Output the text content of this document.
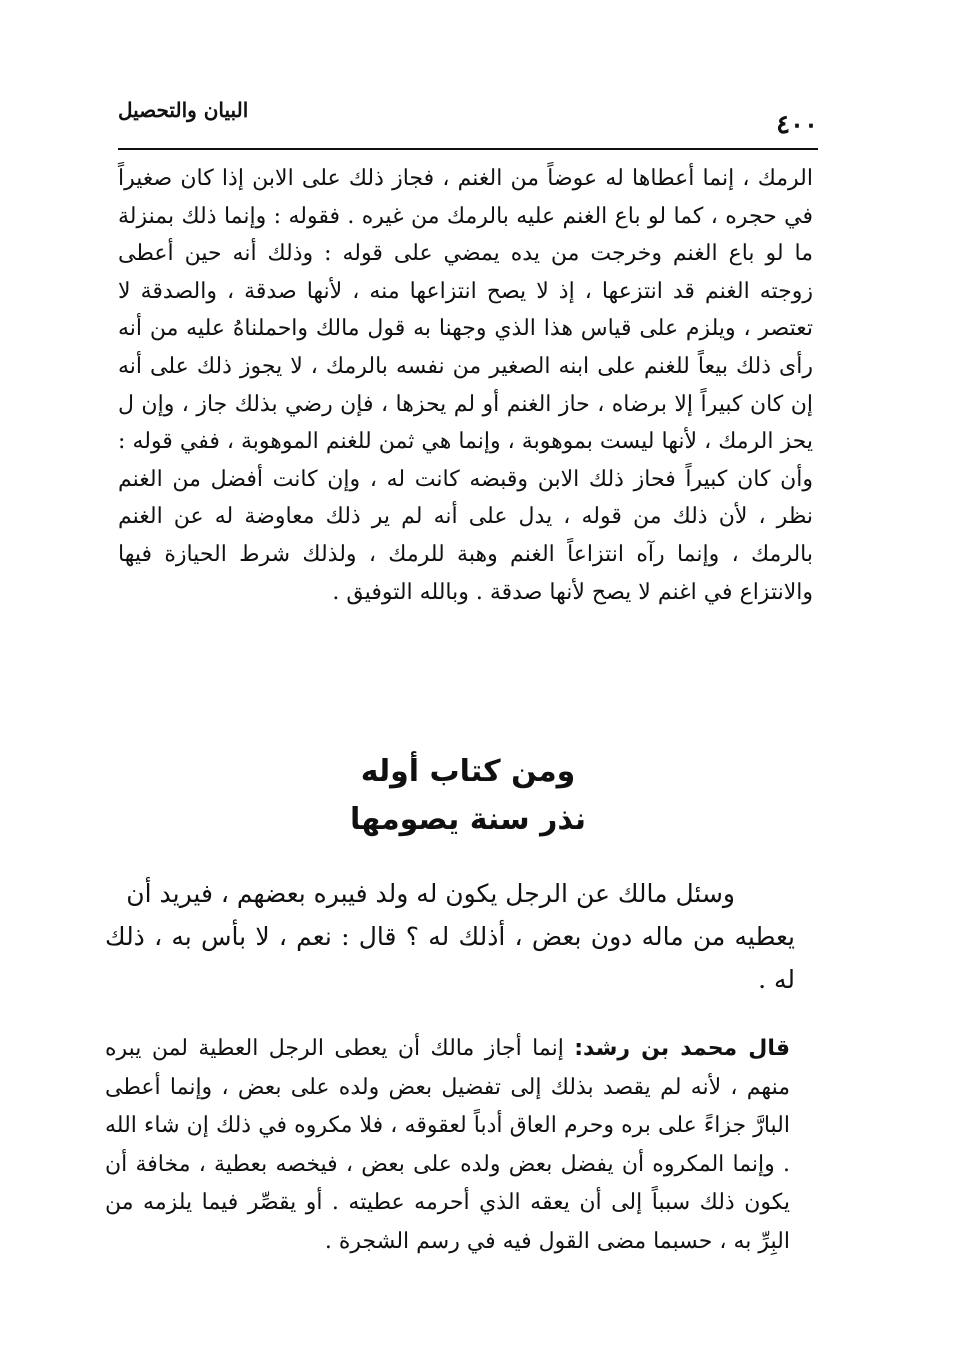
البيان والتحصيل	٤٠٠

الرمك ، إنما أعطاها له عوضاً من الغنم ، فجاز ذلك على الابن إذا كان صغيراً في حجره ، كما لو باع الغنم عليه بالرمك من غيره . فقوله : وإنما ذلك بمنزلة ما لو باع الغنم وخرجت من يده يمضي على قوله : وذلك أنه حين أعطى زوجته الغنم قد انتزعها ، إذ لا يصح انتزاعها منه ، لأنها صدقة ، والصدقة لا تعتصر ، ويلزم على قياس هذا الذي وجهنا به قول مالك واحملناهُ عليه من أنه رأى ذلك بيعاً للغنم على ابنه الصغير من نفسه بالرمك ، لا يجوز ذلك على أنه إن كان كبيراً إلا برضاه ، حاز الغنم أو لم يحزها ، فإن رضي بذلك جاز ، وإن ل يحز الرمك ، لأنها ليست بموهوبة ، وإنما هي ثمن للغنم الموهوبة ، ففي قوله : وأن كان كبيراً فحاز ذلك الابن وقبضه كانت له ، وإن كانت أفضل من الغنم نظر ، لأن ذلك من قوله ، يدل على أنه لم ير ذلك معاوضة له عن الغنم بالرمك ، وإنما رآه انتزاعاً الغنم وهبة للرمك ، ولذلك شرط الحيازة فيها والانتزاع في اغنم لا يصح لأنها صدقة . وبالله التوفيق .

ومن كتاب أوله
نذر سنة يصومها
وسئل مالك عن الرجل يكون له ولد فيبره بعضهم ، فيريد أن
يعطيه من ماله دون بعض ، أذلك له ؟ قال : نعم ، لا بأس به ، ذلك له .
قال محمد بن رشد: إنما أجاز مالك أن يعطى الرجل العطية لمن يبره منهم ، لأنه لم يقصد بذلك إلى تفضيل بعض ولده على بعض ، وإنما أعطى البارَّ جزاءً على بره وحرم العاق أدباً لعقوقه ، فلا مكروه في ذلك إن شاء الله . وإنما المكروه أن يفضل بعض ولده على بعض ، فيخصه بعطية ، مخافة أن يكون ذلك سبباً إلى أن يعقه الذي أحرمه عطيته . أو يقصِّر فيما يلزمه من البِرِّ به ، حسبما مضى القول فيه في رسم الشجرة .
